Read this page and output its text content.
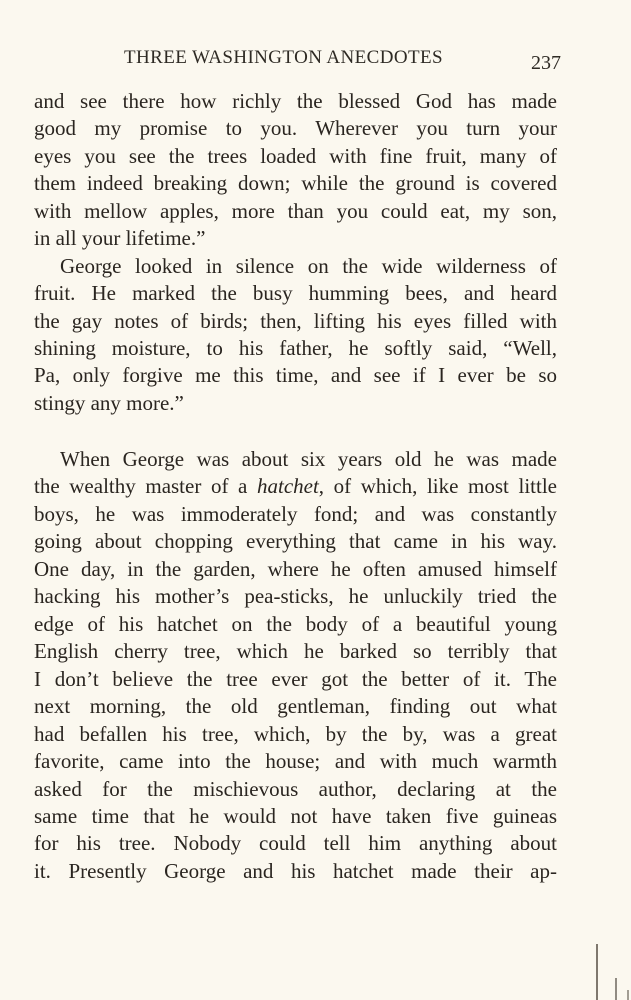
THREE WASHINGTON ANECDOTES	237
and see there how richly the blessed God has made
good my promise to you. Wherever you turn your
eyes you see the trees loaded with fine fruit, many of
them indeed breaking down; while the ground is covered
with mellow apples, more than you could eat, my son,
in all your lifetime.”
George looked in silence on the wide wilderness of
fruit. He marked the busy humming bees, and heard
the gay notes of birds; then, lifting his eyes filled with
shining moisture, to his father, he softly said, “Well,
Pa, only forgive me this time, and see if I ever be so
stingy any more.”
When George was about six years old he was made
the wealthy master of a hatchet, of which, like most little
boys, he was immoderately fond; and was constantly
going about chopping everything that came in his way.
One day, in the garden, where he often amused himself
hacking his mother’s pea-sticks, he unluckily tried the
edge of his hatchet on the body of a beautiful young
English cherry tree, which he barked so terribly that
I don’t believe the tree ever got the better of it. The
next morning, the old gentleman, finding out what
had befallen his tree, which, by the by, was a great
favorite, came into the house; and with much warmth
asked for the mischievous author, declaring at the
same time that he would not have taken five guineas
for his tree. Nobody could tell him anything about
it. Presently George and his hatchet made their ap-
